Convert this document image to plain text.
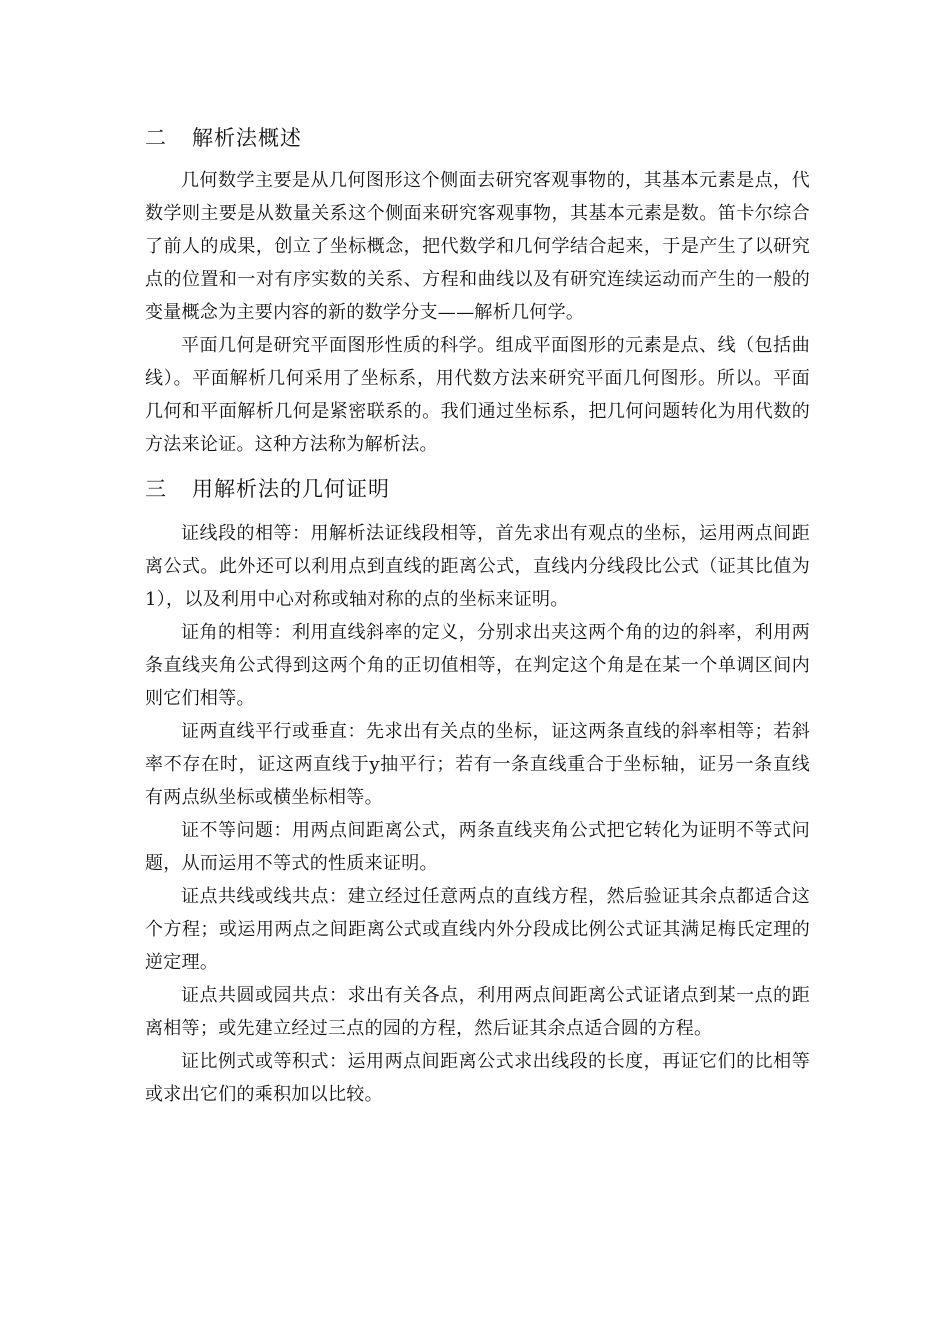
二 解析法概述

几何数学主要是从几何图形这个侧面去研究客观事物的，其基本元素是点，代数学则主要是从数量关系这个侧面来研究客观事物，其基本元素是数。笛卡尔综合了前人的成果，创立了坐标概念，把代数学和几何学结合起来，于是产生了以研究点的位置和一对有序实数的关系、方程和曲线以及有研究连续运动而产生的一般的变量概念为主要内容的新的数学分支——解析几何学。

平面几何是研究平面图形性质的科学。组成平面图形的元素是点、线（包括曲线）。平面解析几何采用了坐标系，用代数方法来研究平面几何图形。所以。平面几何和平面解析几何是紧密联系的。我们通过坐标系，把几何问题转化为用代数的方法来论证。这种方法称为解析法。

三 用解析法的几何证明

证线段的相等：用解析法证线段相等，首先求出有观点的坐标，运用两点间距离公式。此外还可以利用点到直线的距离公式，直线内分线段比公式（证其比值为1），以及利用中心对称或轴对称的点的坐标来证明。

证角的相等：利用直线斜率的定义，分别求出夹这两个角的边的斜率，利用两条直线夹角公式得到这两个角的正切值相等，在判定这个角是在某一个单调区间内则它们相等。

证两直线平行或垂直：先求出有关点的坐标，证这两条直线的斜率相等；若斜率不存在时，证这两直线于y抽平行；若有一条直线重合于坐标轴，证另一条直线有两点纵坐标或横坐标相等。

证不等问题：用两点间距离公式，两条直线夹角公式把它转化为证明不等式问题，从而运用不等式的性质来证明。

证点共线或线共点：建立经过任意两点的直线方程，然后验证其余点都适合这个方程；或运用两点之间距离公式或直线内外分段成比例公式证其满足梅氏定理的逆定理。

证点共圆或园共点：求出有关各点，利用两点间距离公式证诸点到某一点的距离相等；或先建立经过三点的园的方程，然后证其余点适合圆的方程。

证比例式或等积式：运用两点间距离公式求出线段的长度，再证它们的比相等或求出它们的乘积加以比较。
